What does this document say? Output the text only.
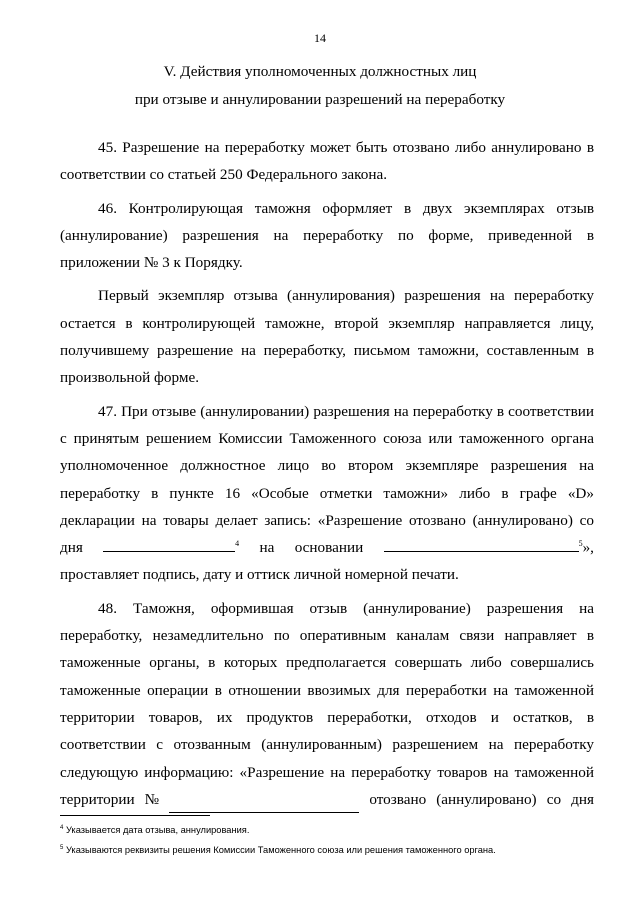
14
V. Действия уполномоченных должностных лиц
при отзыве и аннулировании разрешений на переработку

45. Разрешение на переработку может быть отозвано либо аннулировано в

соответствии со статьей 250 Федерального закона.

46. Контролирующая таможня оформляет в двух экземплярах отзыв

(аннулирование) разрешения на переработку по форме, приведенной в

приложении № 3 к Порядку.

Первый экземпляр отзыва (аннулирования) разрешения на переработку

остается в контролирующей таможне, второй экземпляр направляется лицу,

получившему разрешение на переработку, письмом таможни, составленным в

произвольной форме.

47. При отзыве (аннулировании) разрешения на переработку в соответствии

с принятым решением Комиссии Таможенного союза или таможенного органа

уполномоченное должностное лицо во втором экземпляре разрешения на

переработку в пункте 16 «Особые отметки таможни» либо в графе «D»

декларации на товары делает запись: «Разрешение отозвано (аннулировано) со

дня	$^4$ на основании	$^5$»,

проставляет подпись, дату и оттиск личной номерной печати.

48. Таможня, оформившая отзыв (аннулирование) разрешения на

переработку, незамедлительно по оперативным каналам связи направляет в

таможенные органы, в которых предполагается совершать либо совершались

таможенные операции в отношении ввозимых для переработки на таможенной

территории товаров, их продуктов переработки, отходов и остатков, в

соответствии с отозванным (аннулированным) разрешением на переработку

следующую информацию: «Разрешение на переработку товаров на таможенной

территории №	отозвано (аннулировано) со дня

$^4$ Указывается дата отзыва, аннулирования.

$^5$ Указываются реквизиты решения Комиссии Таможенного союза или решения таможенного органа.
